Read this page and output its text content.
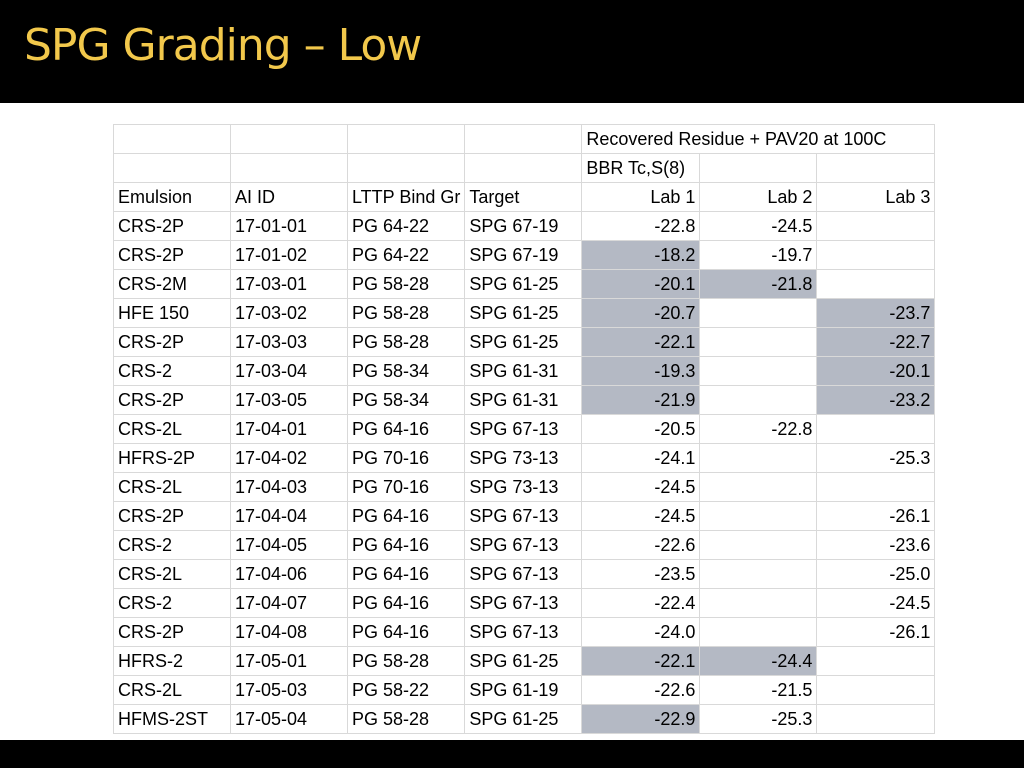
SPG Grading – Low
				Recovered Residue + PAV20 at 100C		
				BBR Tc,S(8)		
Emulsion	AI ID	LTTP Bind Gr	Target	Lab 1	Lab 2	Lab 3
CRS-2P	17-01-01	PG 64-22	SPG 67-19	-22.8	-24.5	
CRS-2P	17-01-02	PG 64-22	SPG 67-19	-18.2	-19.7	
CRS-2M	17-03-01	PG 58-28	SPG 61-25	-20.1	-21.8	
HFE 150	17-03-02	PG 58-28	SPG 61-25	-20.7		-23.7
CRS-2P	17-03-03	PG 58-28	SPG 61-25	-22.1		-22.7
CRS-2	17-03-04	PG 58-34	SPG 61-31	-19.3		-20.1
CRS-2P	17-03-05	PG 58-34	SPG 61-31	-21.9		-23.2
CRS-2L	17-04-01	PG 64-16	SPG 67-13	-20.5	-22.8	
HFRS-2P	17-04-02	PG 70-16	SPG 73-13	-24.1		-25.3
CRS-2L	17-04-03	PG 70-16	SPG 73-13	-24.5		
CRS-2P	17-04-04	PG 64-16	SPG 67-13	-24.5		-26.1
CRS-2	17-04-05	PG 64-16	SPG 67-13	-22.6		-23.6
CRS-2L	17-04-06	PG 64-16	SPG 67-13	-23.5		-25.0
CRS-2	17-04-07	PG 64-16	SPG 67-13	-22.4		-24.5
CRS-2P	17-04-08	PG 64-16	SPG 67-13	-24.0		-26.1
HFRS-2	17-05-01	PG 58-28	SPG 61-25	-22.1	-24.4	
CRS-2L	17-05-03	PG 58-22	SPG 61-19	-22.6	-21.5	
HFMS-2ST	17-05-04	PG 58-28	SPG 61-25	-22.9	-25.3	
